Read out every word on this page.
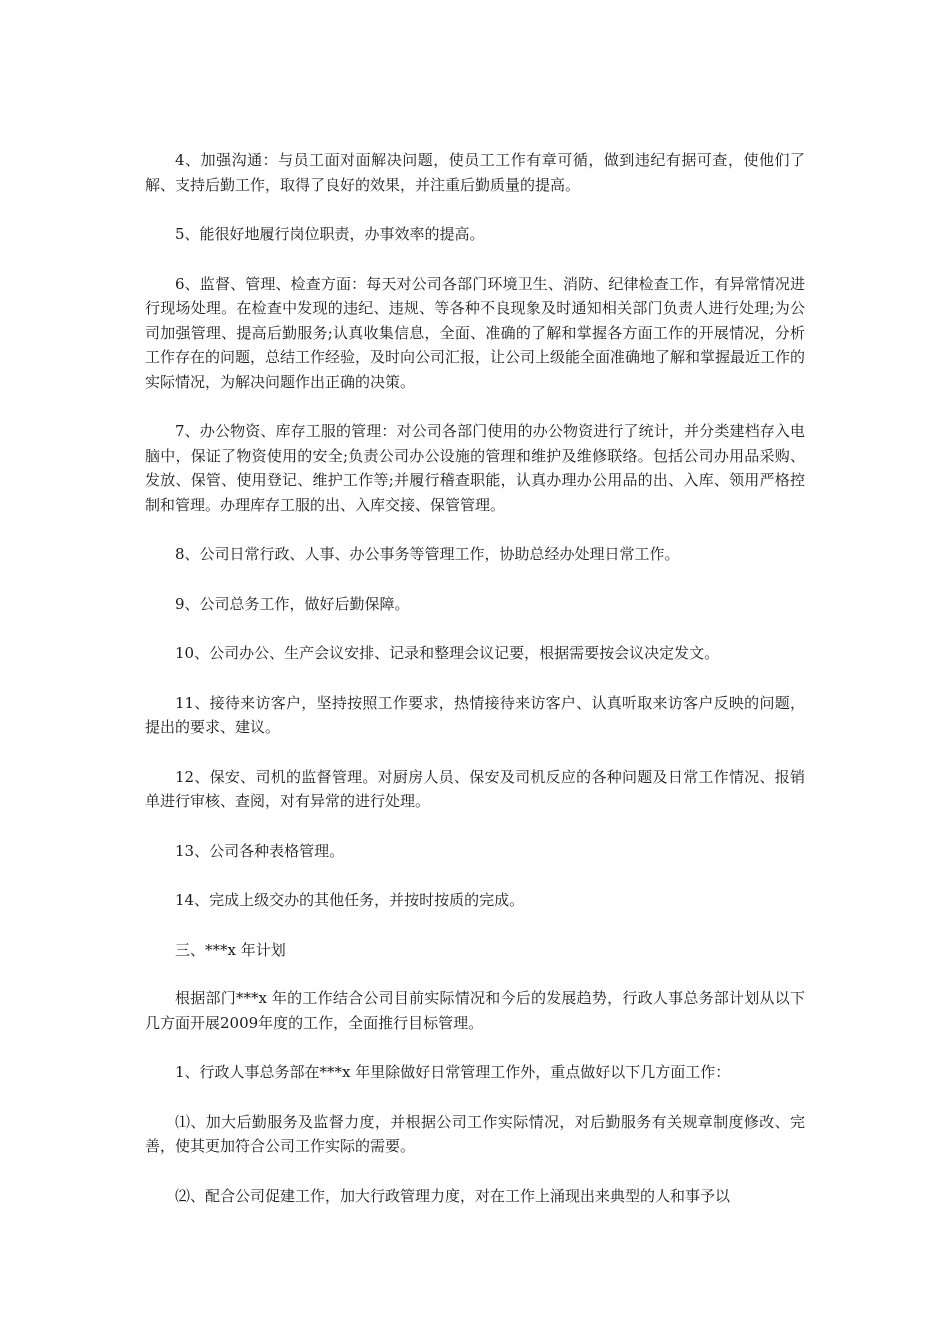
4、加强沟通：与员工面对面解决问题，使员工工作有章可循，做到违纪有据可查，使他们了解、支持后勤工作，取得了良好的效果，并注重后勤质量的提高。

5、能很好地履行岗位职责，办事效率的提高。

6、监督、管理、检查方面：每天对公司各部门环境卫生、消防、纪律检查工作，有异常情况进行现场处理。在检查中发现的违纪、违规、等各种不良现象及时通知相关部门负责人进行处理;为公司加强管理、提高后勤服务;认真收集信息，全面、准确的了解和掌握各方面工作的开展情况，分析工作存在的问题，总结工作经验，及时向公司汇报，让公司上级能全面准确地了解和掌握最近工作的实际情况，为解决问题作出正确的决策。

7、办公物资、库存工服的管理：对公司各部门使用的办公物资进行了统计，并分类建档存入电脑中，保证了物资使用的安全;负责公司办公设施的管理和维护及维修联络。包括公司办用品采购、发放、保管、使用登记、维护工作等;并履行稽查职能，认真办理办公用品的出、入库、领用严格控制和管理。办理库存工服的出、入库交接、保管管理。

8、公司日常行政、人事、办公事务等管理工作，协助总经办处理日常工作。

9、公司总务工作，做好后勤保障。

10、公司办公、生产会议安排、记录和整理会议记要，根据需要按会议决定发文。

11、接待来访客户，坚持按照工作要求，热情接待来访客户、认真听取来访客户反映的问题，提出的要求、建议。

12、保安、司机的监督管理。对厨房人员、保安及司机反应的各种问题及日常工作情况、报销单进行审核、查阅，对有异常的进行处理。

13、公司各种表格管理。

14、完成上级交办的其他任务，并按时按质的完成。

三、***x 年计划

根据部门***x 年的工作结合公司目前实际情况和今后的发展趋势，行政人事总务部计划从以下几方面开展2009年度的工作，全面推行目标管理。

1、行政人事总务部在***x 年里除做好日常管理工作外，重点做好以下几方面工作：

⑴、加大后勤服务及监督力度，并根据公司工作实际情况，对后勤服务有关规章制度修改、完善，使其更加符合公司工作实际的需要。

⑵、配合公司促建工作，加大行政管理力度，对在工作上涌现出来典型的人和事予以
